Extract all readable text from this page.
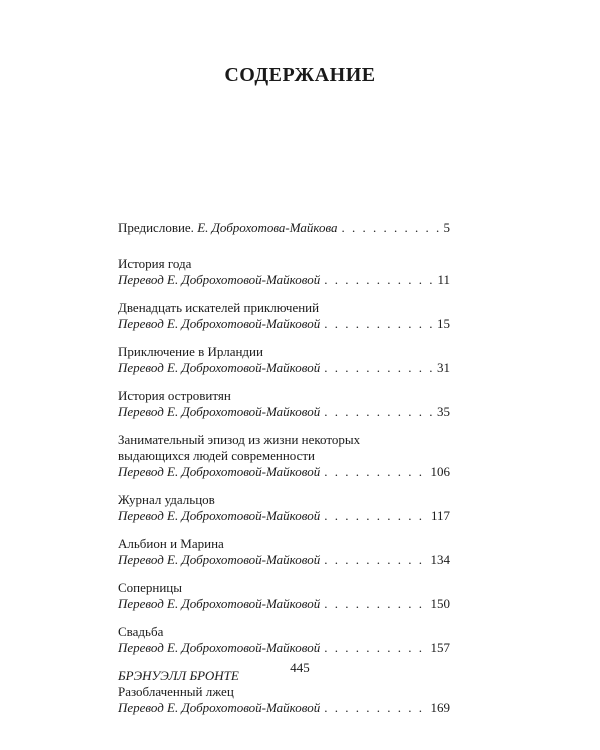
СОДЕРЖАНИЕ
Предисловие. Е. Доброхотова-Майкова . . .	5
История года
Перевод Е. Доброхотовой-Майковой . . .	11
Двенадцать искателей приключений
Перевод Е. Доброхотовой-Майковой . . .	15
Приключение в Ирландии
Перевод Е. Доброхотовой-Майковой . . .	31
История островитян
Перевод Е. Доброхотовой-Майковой . . .	35
Занимательный эпизод из жизни некоторых
выдающихся людей современности
Перевод Е. Доброхотовой-Майковой . . .	106
Журнал удальцов
Перевод Е. Доброхотовой-Майковой . . .	117
Альбион и Марина
Перевод Е. Доброхотовой-Майковой . . .	134
Соперницы
Перевод Е. Доброхотовой-Майковой . . .	150
Свадьба
Перевод Е. Доброхотовой-Майковой . . .	157
БРЭНУЭЛЛ БРОНТЕ
Разоблаченный лжец
Перевод Е. Доброхотовой-Майковой . . .	169
445
